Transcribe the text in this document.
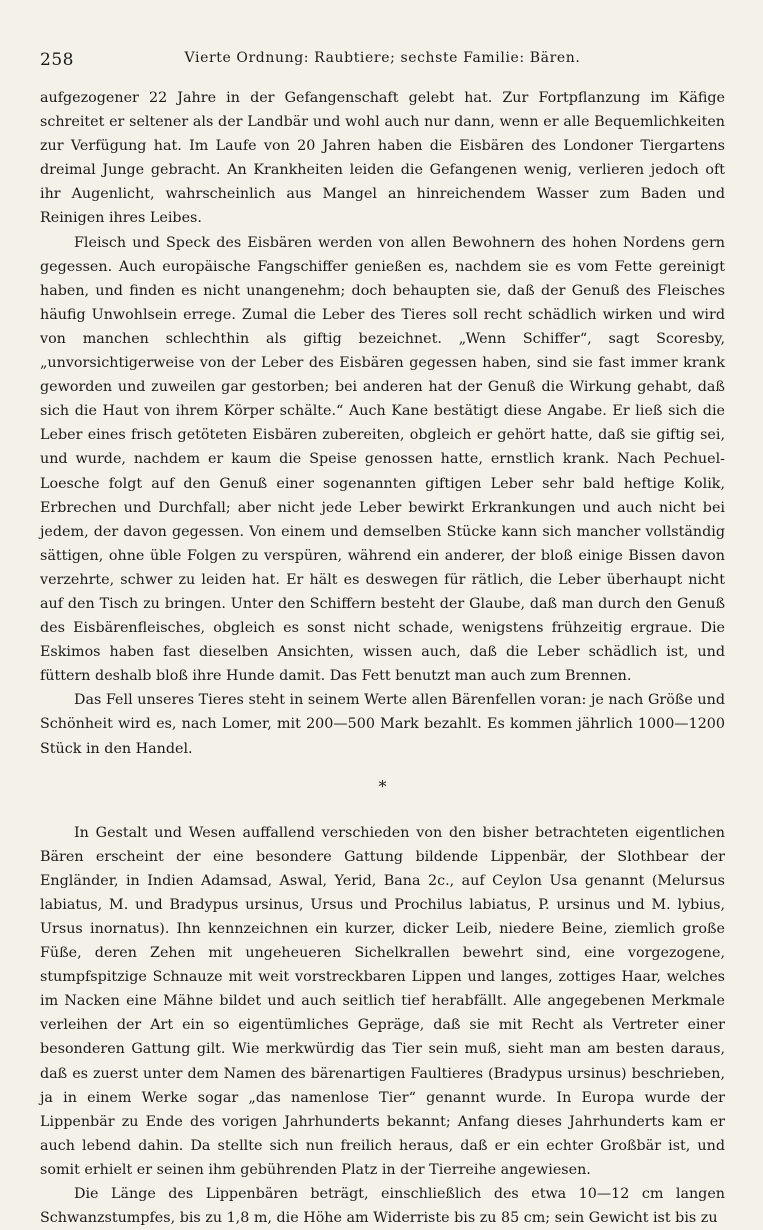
258	Vierte Ordnung: Raubtiere; sechste Familie: Bären.

aufgezogener 22 Jahre in der Gefangenschaft gelebt hat. Zur Fortpflanzung im Käfige schreitet er seltener als der Landbär und wohl auch nur dann, wenn er alle Bequemlichkeiten zur Verfügung hat. Im Laufe von 20 Jahren haben die Eisbären des Londoner Tiergartens dreimal Junge gebracht. An Krankheiten leiden die Gefangenen wenig, verlieren jedoch oft ihr Augenlicht, wahrscheinlich aus Mangel an hinreichendem Wasser zum Baden und Reinigen ihres Leibes.

Fleisch und Speck des Eisbären werden von allen Bewohnern des hohen Nordens gern gegessen. Auch europäische Fangschiffer genießen es, nachdem sie es vom Fette gereinigt haben, und finden es nicht unangenehm; doch behaupten sie, daß der Genuß des Fleisches häufig Unwohlsein errege. Zumal die Leber des Tieres soll recht schädlich wirken und wird von manchen schlechthin als giftig bezeichnet. „Wenn Schiffer“, sagt Scoresby, „unvorsichtigerweise von der Leber des Eisbären gegessen haben, sind sie fast immer krank geworden und zuweilen gar gestorben; bei anderen hat der Genuß die Wirkung gehabt, daß sich die Haut von ihrem Körper schälte.“ Auch Kane bestätigt diese Angabe. Er ließ sich die Leber eines frisch getöteten Eisbären zubereiten, obgleich er gehört hatte, daß sie giftig sei, und wurde, nachdem er kaum die Speise genossen hatte, ernstlich krank. Nach Pechuel-Loesche folgt auf den Genuß einer sogenannten giftigen Leber sehr bald heftige Kolik, Erbrechen und Durchfall; aber nicht jede Leber bewirkt Erkrankungen und auch nicht bei jedem, der davon gegessen. Von einem und demselben Stücke kann sich mancher vollständig sättigen, ohne üble Folgen zu verspüren, während ein anderer, der bloß einige Bissen davon verzehrte, schwer zu leiden hat. Er hält es deswegen für rätlich, die Leber überhaupt nicht auf den Tisch zu bringen. Unter den Schiffern besteht der Glaube, daß man durch den Genuß des Eisbärenfleisches, obgleich es sonst nicht schade, wenigstens frühzeitig ergraue. Die Eskimos haben fast dieselben Ansichten, wissen auch, daß die Leber schädlich ist, und füttern deshalb bloß ihre Hunde damit. Das Fett benutzt man auch zum Brennen.

Das Fell unseres Tieres steht in seinem Werte allen Bärenfellen voran: je nach Größe und Schönheit wird es, nach Lomer, mit 200—500 Mark bezahlt. Es kommen jährlich 1000—1200 Stück in den Handel.

*

In Gestalt und Wesen auffallend verschieden von den bisher betrachteten eigentlichen Bären erscheint der eine besondere Gattung bildende Lippenbär, der Slothbear der Engländer, in Indien Adamsad, Aswal, Yerid, Bana 2c., auf Ceylon Usa genannt (Melursus labiatus, M. und Bradypus ursinus, Ursus und Prochilus labiatus, P. ursinus und M. lybius, Ursus inornatus). Ihn kennzeichnen ein kurzer, dicker Leib, niedere Beine, ziemlich große Füße, deren Zehen mit ungeheueren Sichelkrallen bewehrt sind, eine vorgezogene, stumpfspitzige Schnauze mit weit vorstreckbaren Lippen und langes, zottiges Haar, welches im Nacken eine Mähne bildet und auch seitlich tief herabfällt. Alle angegebenen Merkmale verleihen der Art ein so eigentümliches Gepräge, daß sie mit Recht als Vertreter einer besonderen Gattung gilt. Wie merkwürdig das Tier sein muß, sieht man am besten daraus, daß es zuerst unter dem Namen des bärenartigen Faultieres (Bradypus ursinus) beschrieben, ja in einem Werke sogar „das namenlose Tier“ genannt wurde. In Europa wurde der Lippenbär zu Ende des vorigen Jahrhunderts bekannt; Anfang dieses Jahrhunderts kam er auch lebend dahin. Da stellte sich nun freilich heraus, daß er ein echter Großbär ist, und somit erhielt er seinen ihm gebührenden Platz in der Tierreihe angewiesen.

Die Länge des Lippenbären beträgt, einschließlich des etwa 10—12 cm langen Schwanzstumpfes, bis zu 1,8 m, die Höhe am Widerriste bis zu 85 cm; sein Gewicht ist bis zu
